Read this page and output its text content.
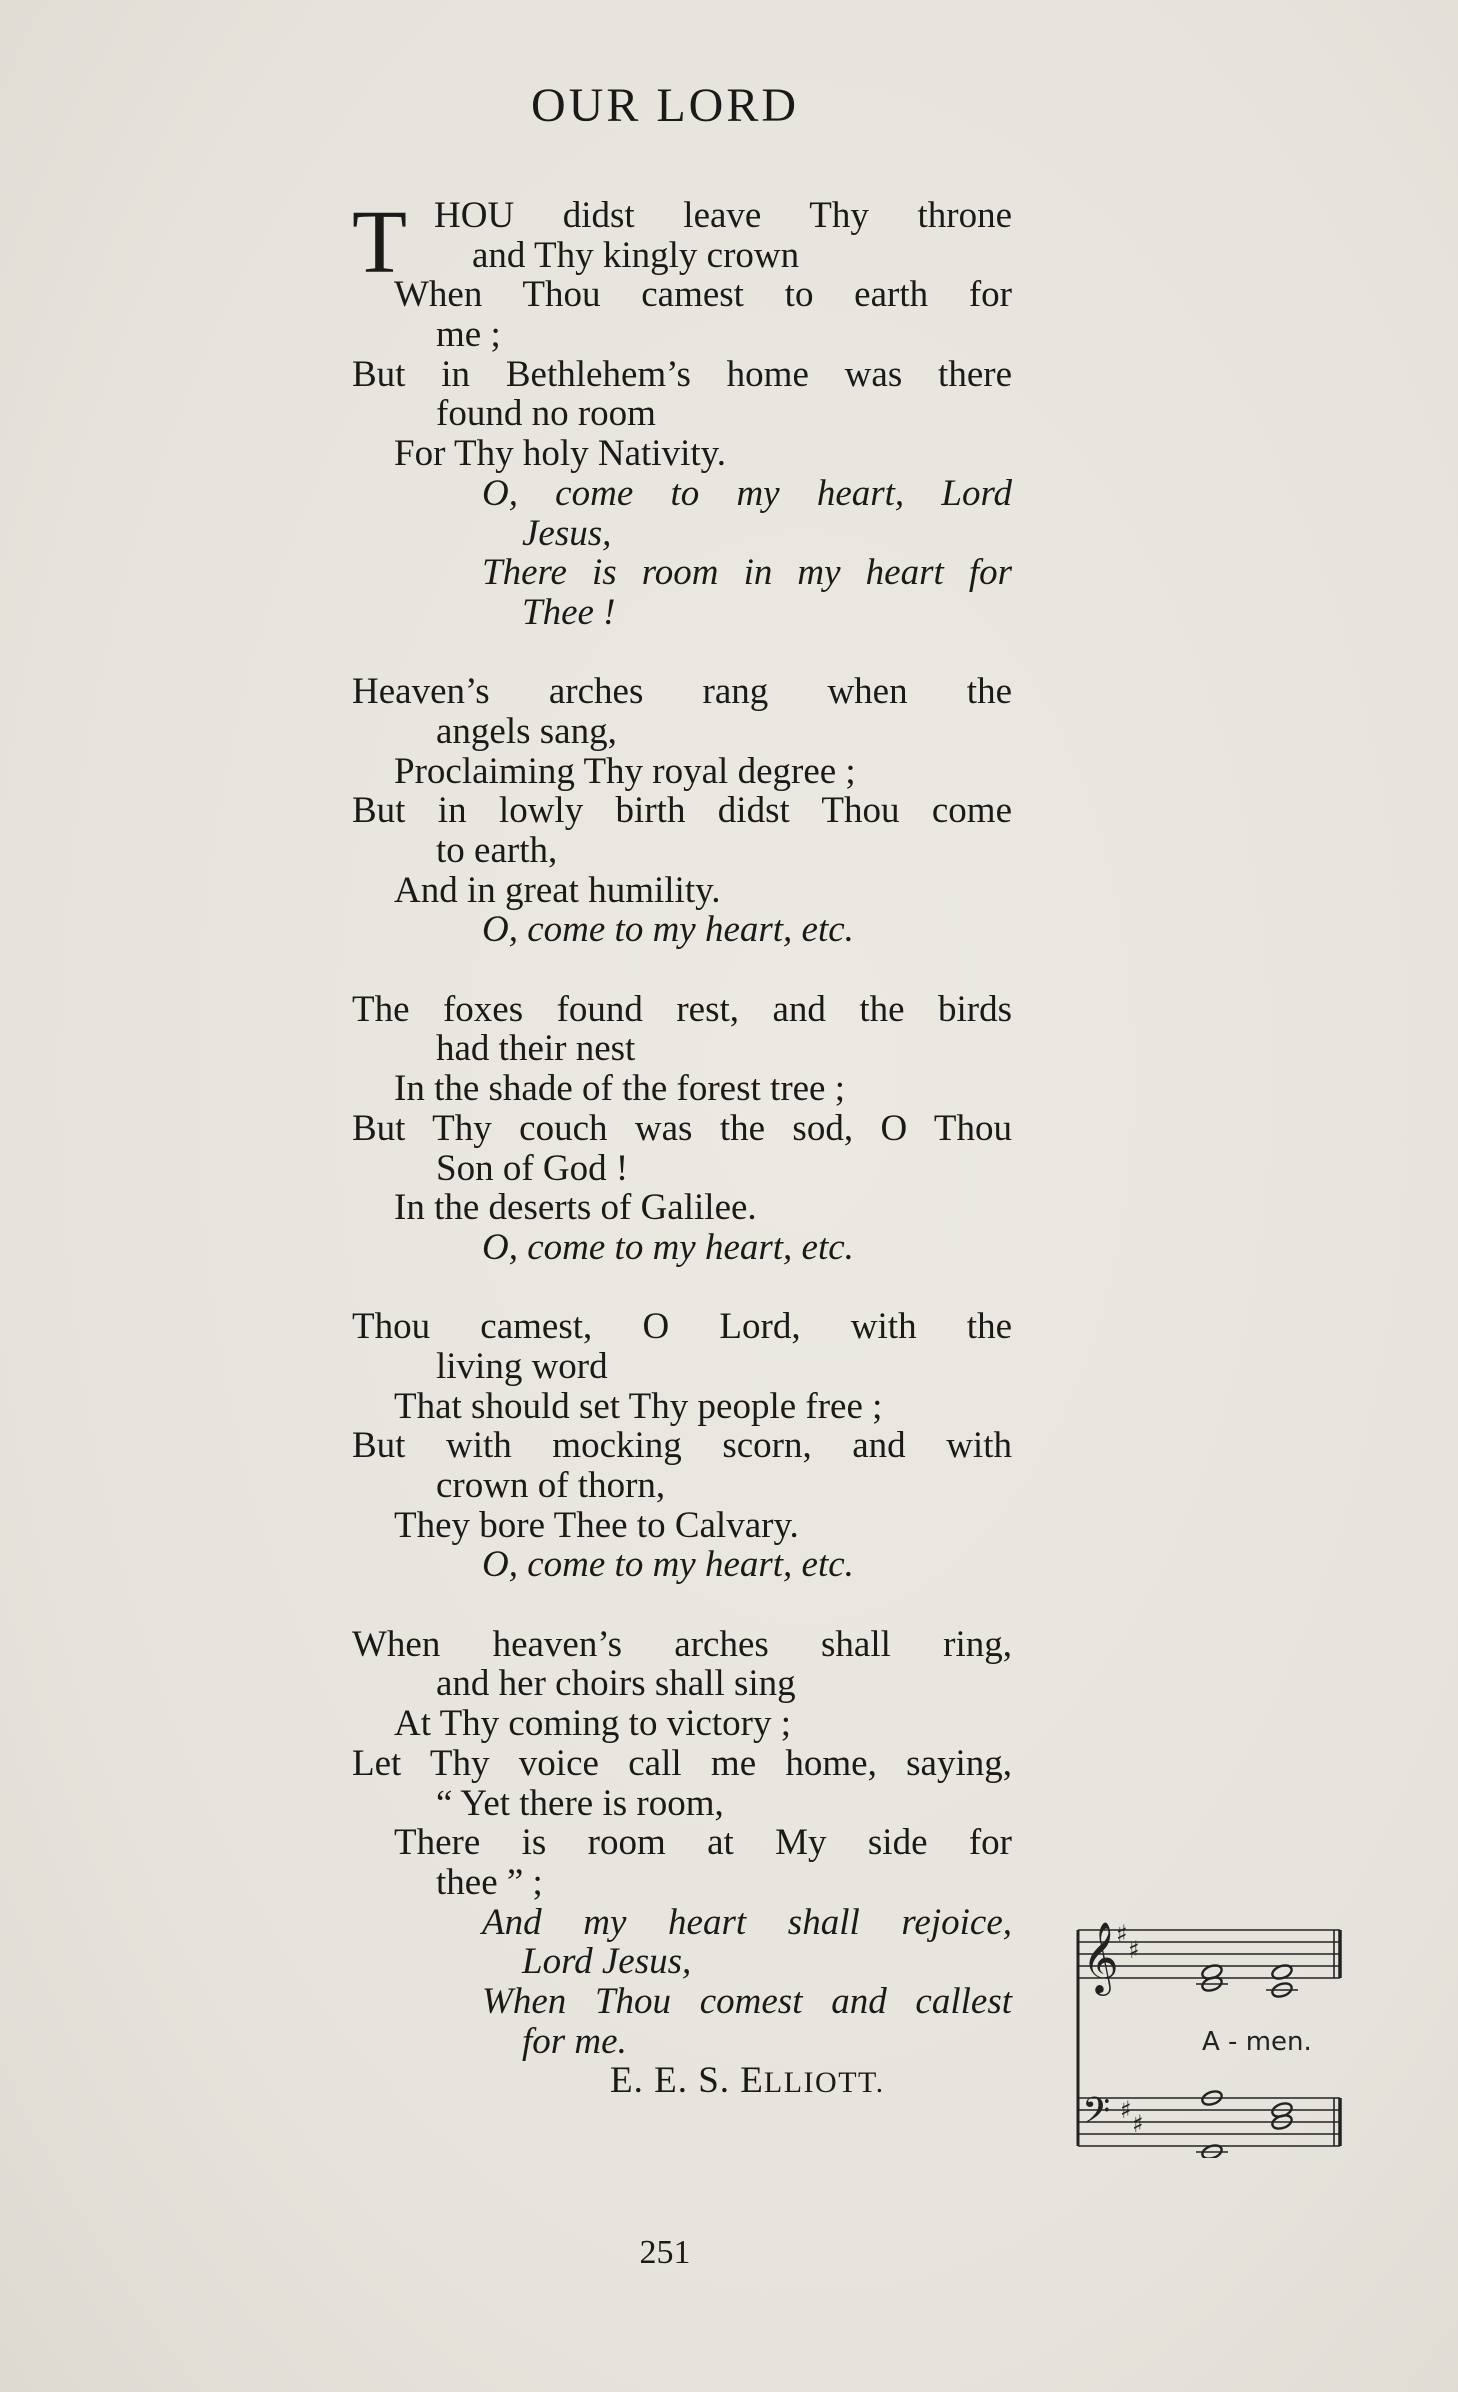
OUR LORD
T HOU didst leave Thy throne
and Thy kingly crown
When Thou camest to earth for
me ;
But in Bethlehem’s home was there
found no room
For Thy holy Nativity.
O, come to my heart, Lord
Jesus,
There is room in my heart for
Thee !
Heaven’s arches rang when the
angels sang,
Proclaiming Thy royal degree ;
But in lowly birth didst Thou come
to earth,
And in great humility.
O, come to my heart, etc.
The foxes found rest, and the birds
had their nest
In the shade of the forest tree ;
But Thy couch was the sod, O Thou
Son of God !
In the deserts of Galilee.
O, come to my heart, etc.
Thou camest, O Lord, with the
living word
That should set Thy people free ;
But with mocking scorn, and with
crown of thorn,
They bore Thee to Calvary.
O, come to my heart, etc.
When heaven’s arches shall ring,
and her choirs shall sing
At Thy coming to victory ;
Let Thy voice call me home, saying,
“ Yet there is room,
There is room at My side for
thee ” ;
And my heart shall rejoice,
Lord Jesus,
When Thou comest and callest
for me.
E. E. S. ELLIOTT.
𝄞
♯
♯
𝄢 ♯ ♯
A - men.
251
